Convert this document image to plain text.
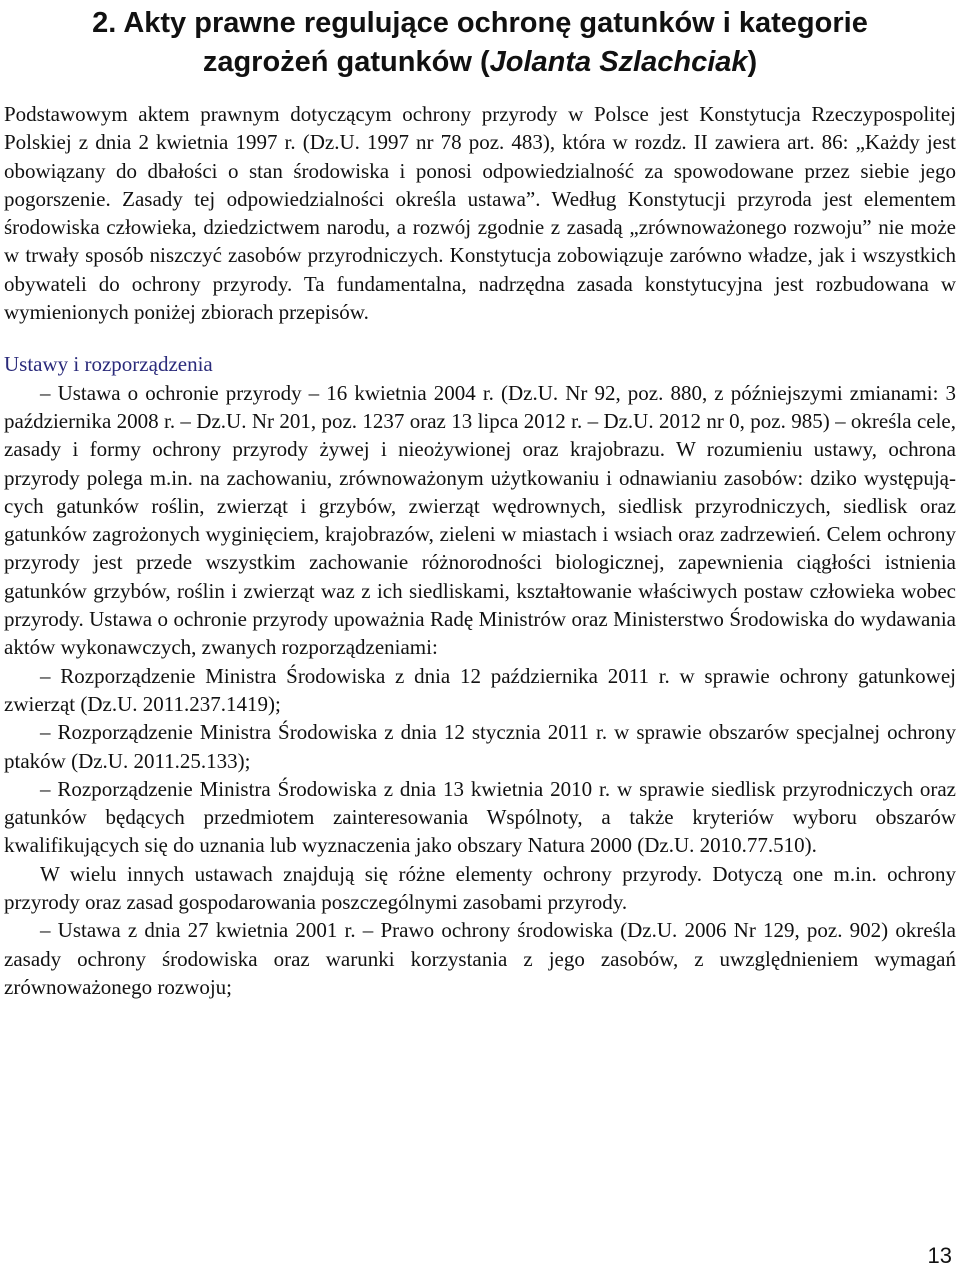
2. Akty prawne regulujące ochronę gatunków i kategorie
zagrożeń gatunków (Jolanta Szlachciak)

Podstawowym aktem prawnym dotyczącym ochrony przyrody w Polsce jest Konstytucja Rzeczypospolitej Polskiej z dnia 2 kwietnia 1997 r. (Dz.U. 1997 nr 78 poz. 483), która w rozdz. II zawiera art. 86: „Każdy jest obowiązany do dbałości o stan środowiska i ponosi odpowiedzialność za spowodowane przez siebie jego pogorszenie. Zasady tej odpowiedzialności określa ustawa”. Według Konstytucji przyroda jest elementem środowiska człowieka, dziedzictwem narodu, a rozwój zgodnie z zasadą „zrównoważonego rozwoju” nie może w trwały sposób niszczyć zasobów przyrodniczych. Konstytucja zobowiązuje zarówno władze, jak i wszystkich obywateli do ochrony przyrody. Ta fundamentalna, nadrzędna zasada konstytucyjna jest rozbudowana w wymienionych poniżej zbiorach przepisów.

Ustawy i rozporządzenia

– Ustawa o ochronie przyrody – 16 kwietnia 2004 r. (Dz.U. Nr 92, poz. 880, z późniejszymi zmianami: 3 października 2008 r. – Dz.U. Nr 201, poz. 1237 oraz 13 lipca 2012 r. – Dz.U. 2012 nr 0, poz. 985) – określa cele, zasady i formy ochrony przyrody żywej i nieożywionej oraz krajobrazu. W rozumieniu ustawy, ochrona przyrody polega m.in. na zachowaniu, zrównoważonym użytkowaniu i odnawianiu zasobów: dziko występujących gatunków roślin, zwierząt i grzybów, zwierząt wędrownych, siedlisk przyrodniczych, siedlisk oraz gatunków zagrożonych wyginięciem, krajobrazów, zieleni w miastach i wsiach oraz zadrzewień. Celem ochrony przyrody jest przede wszystkim zachowanie różnorodności biologicznej, zapewnienia ciągłości istnienia gatunków grzybów, roślin i zwierząt waz z ich siedliskami, kształtowanie właściwych postaw człowieka wobec przyrody. Ustawa o ochronie przyrody upoważnia Radę Ministrów oraz Ministerstwo Środowiska do wydawania aktów wykonawczych, zwanych rozporządzeniami:

– Rozporządzenie Ministra Środowiska z dnia 12 października 2011 r. w sprawie ochrony gatunkowej zwierząt (Dz.U. 2011.237.1419);

– Rozporządzenie Ministra Środowiska z dnia 12 stycznia 2011 r. w sprawie obszarów specjalnej ochrony ptaków (Dz.U. 2011.25.133);

– Rozporządzenie Ministra Środowiska z dnia 13 kwietnia 2010 r. w sprawie siedlisk przyrodniczych oraz gatunków będących przedmiotem zainteresowania Wspólnoty, a także kryteriów wyboru obszarów kwalifikujących się do uznania lub wyznaczenia jako obszary Natura 2000 (Dz.U. 2010.77.510).

W wielu innych ustawach znajdują się różne elementy ochrony przyrody. Dotyczą one m.in. ochrony przyrody oraz zasad gospodarowania poszczególnymi zasobami przyrody.

– Ustawa z dnia 27 kwietnia 2001 r. – Prawo ochrony środowiska (Dz.U. 2006 Nr 129, poz. 902) określa zasady ochrony środowiska oraz warunki korzystania z jego zasobów, z uwzględnieniem wymagań zrównoważonego rozwoju;

13
